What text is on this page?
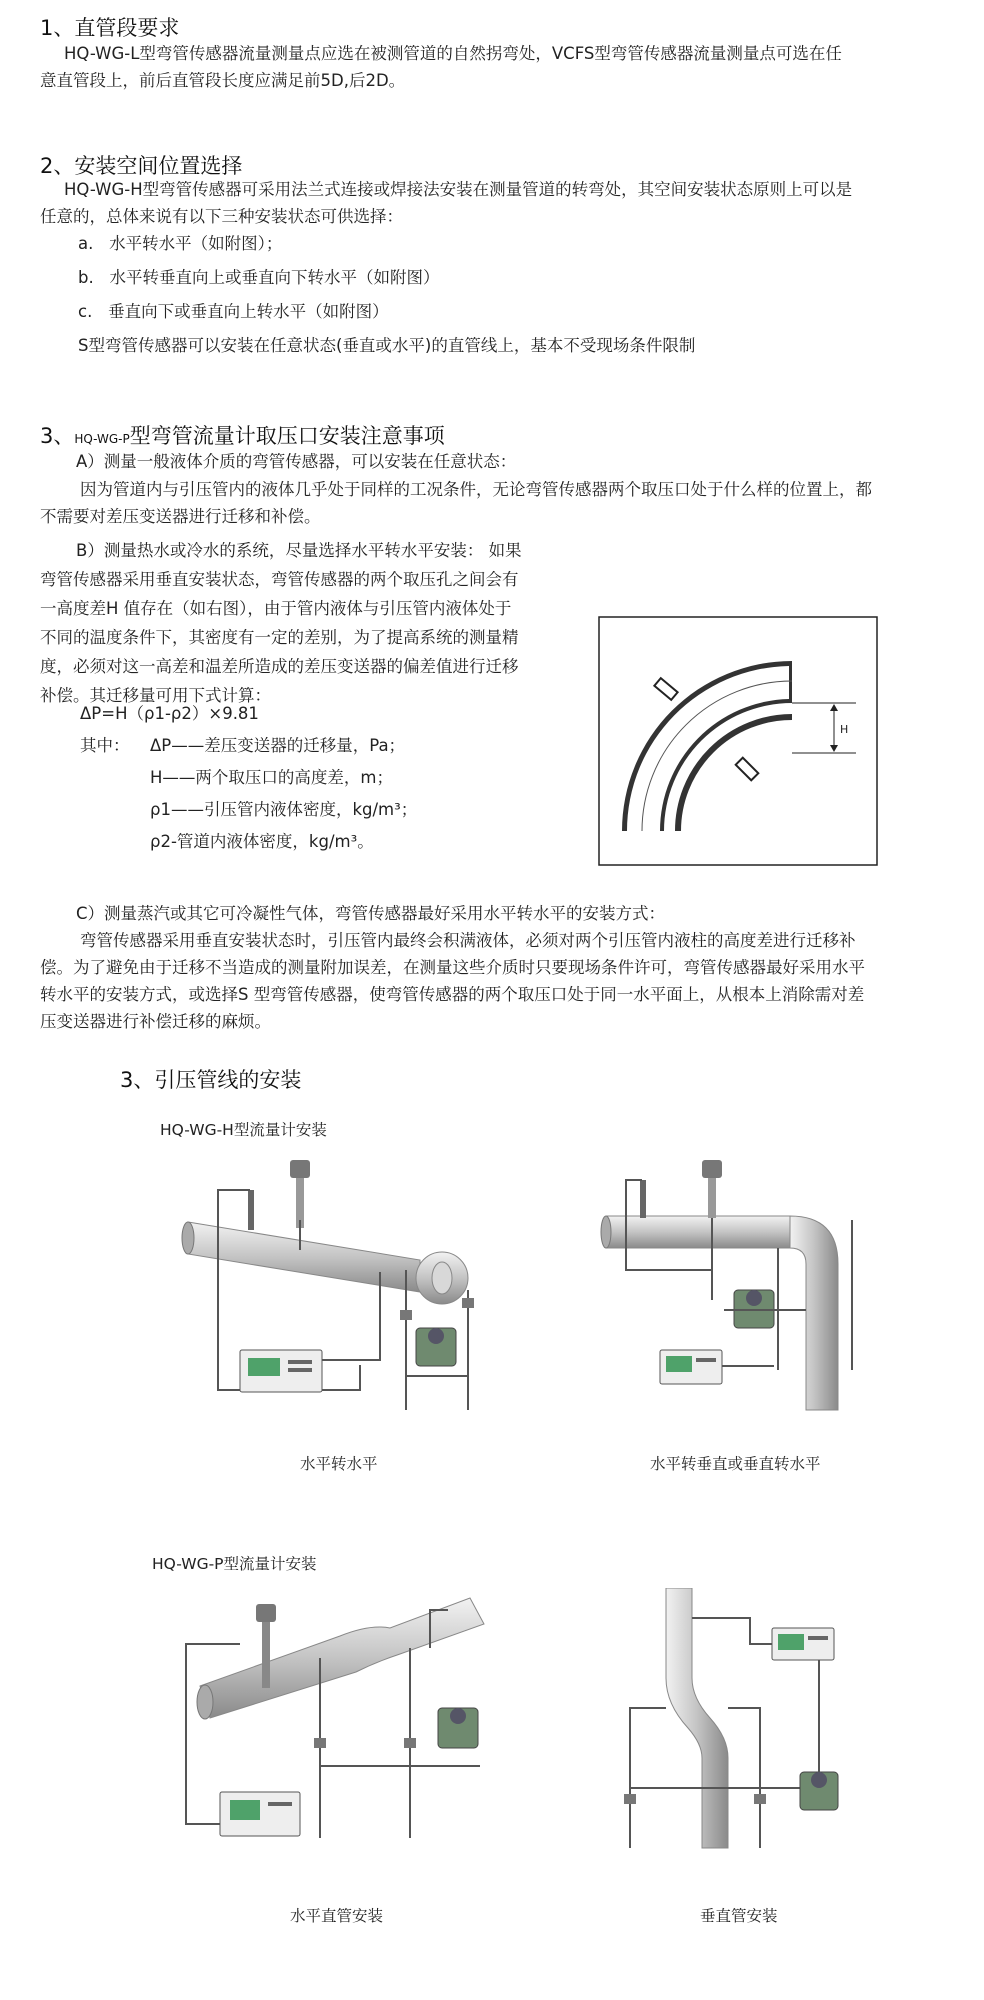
1、直管段要求
HQ-WG-L型弯管传感器流量测量点应选在被测管道的自然拐弯处，VCFS型弯管传感器流量测量点可选在任意直管段上，前后直管段长度应满足前5D,后2D。
2、安装空间位置选择
HQ-WG-H型弯管传感器可采用法兰式连接或焊接法安装在测量管道的转弯处，其空间安装状态原则上可以是任意的，总体来说有以下三种安装状态可供选择：
a. 水平转水平（如附图）；
b. 水平转垂直向上或垂直向下转水平（如附图）
c. 垂直向下或垂直向上转水平（如附图）
S型弯管传感器可以安装在任意状态(垂直或水平)的直管线上，基本不受现场条件限制
3、HQ-WG-P型弯管流量计取压口安装注意事项
A）测量一般液体介质的弯管传感器，可以安装在任意状态：
因为管道内与引压管内的液体几乎处于同样的工况条件，无论弯管传感器两个取压口处于什么样的位置上，都不需要对差压变送器进行迁移和补偿。
B）测量热水或冷水的系统，尽量选择水平转水平安装： 如果
弯管传感器采用垂直安装状态，弯管传感器的两个取压孔之间会有
一高度差H 值存在（如右图），由于管内液体与引压管内液体处于
不同的温度条件下，其密度有一定的差别，为了提高系统的测量精
度，必须对这一高差和温差所造成的差压变送器的偏差值进行迁移
补偿。其迁移量可用下式计算：
ΔP=H（ρ1-ρ2）×9.81
其中： ΔP——差压变送器的迁移量，Pa；
H——两个取压口的高度差，m；
ρ1——引压管内液体密度，kg/m³；
ρ2-管道内液体密度，kg/m³。
H
C）测量蒸汽或其它可冷凝性气体，弯管传感器最好采用水平转水平的安装方式：
弯管传感器采用垂直安装状态时，引压管内最终会积满液体，必须对两个引压管内液柱的高度差进行迁移补偿。为了避免由于迁移不当造成的测量附加误差，在测量这些介质时只要现场条件许可，弯管传感器最好采用水平转水平的安装方式，或选择S 型弯管传感器，使弯管传感器的两个取压口处于同一水平面上，从根本上消除需对差压变送器进行补偿迁移的麻烦。
3、引压管线的安装
HQ-WG-H型流量计安装
水平转水平	水平转垂直或垂直转水平
HQ-WG-P型流量计安装
水平直管安装	垂直管安装
